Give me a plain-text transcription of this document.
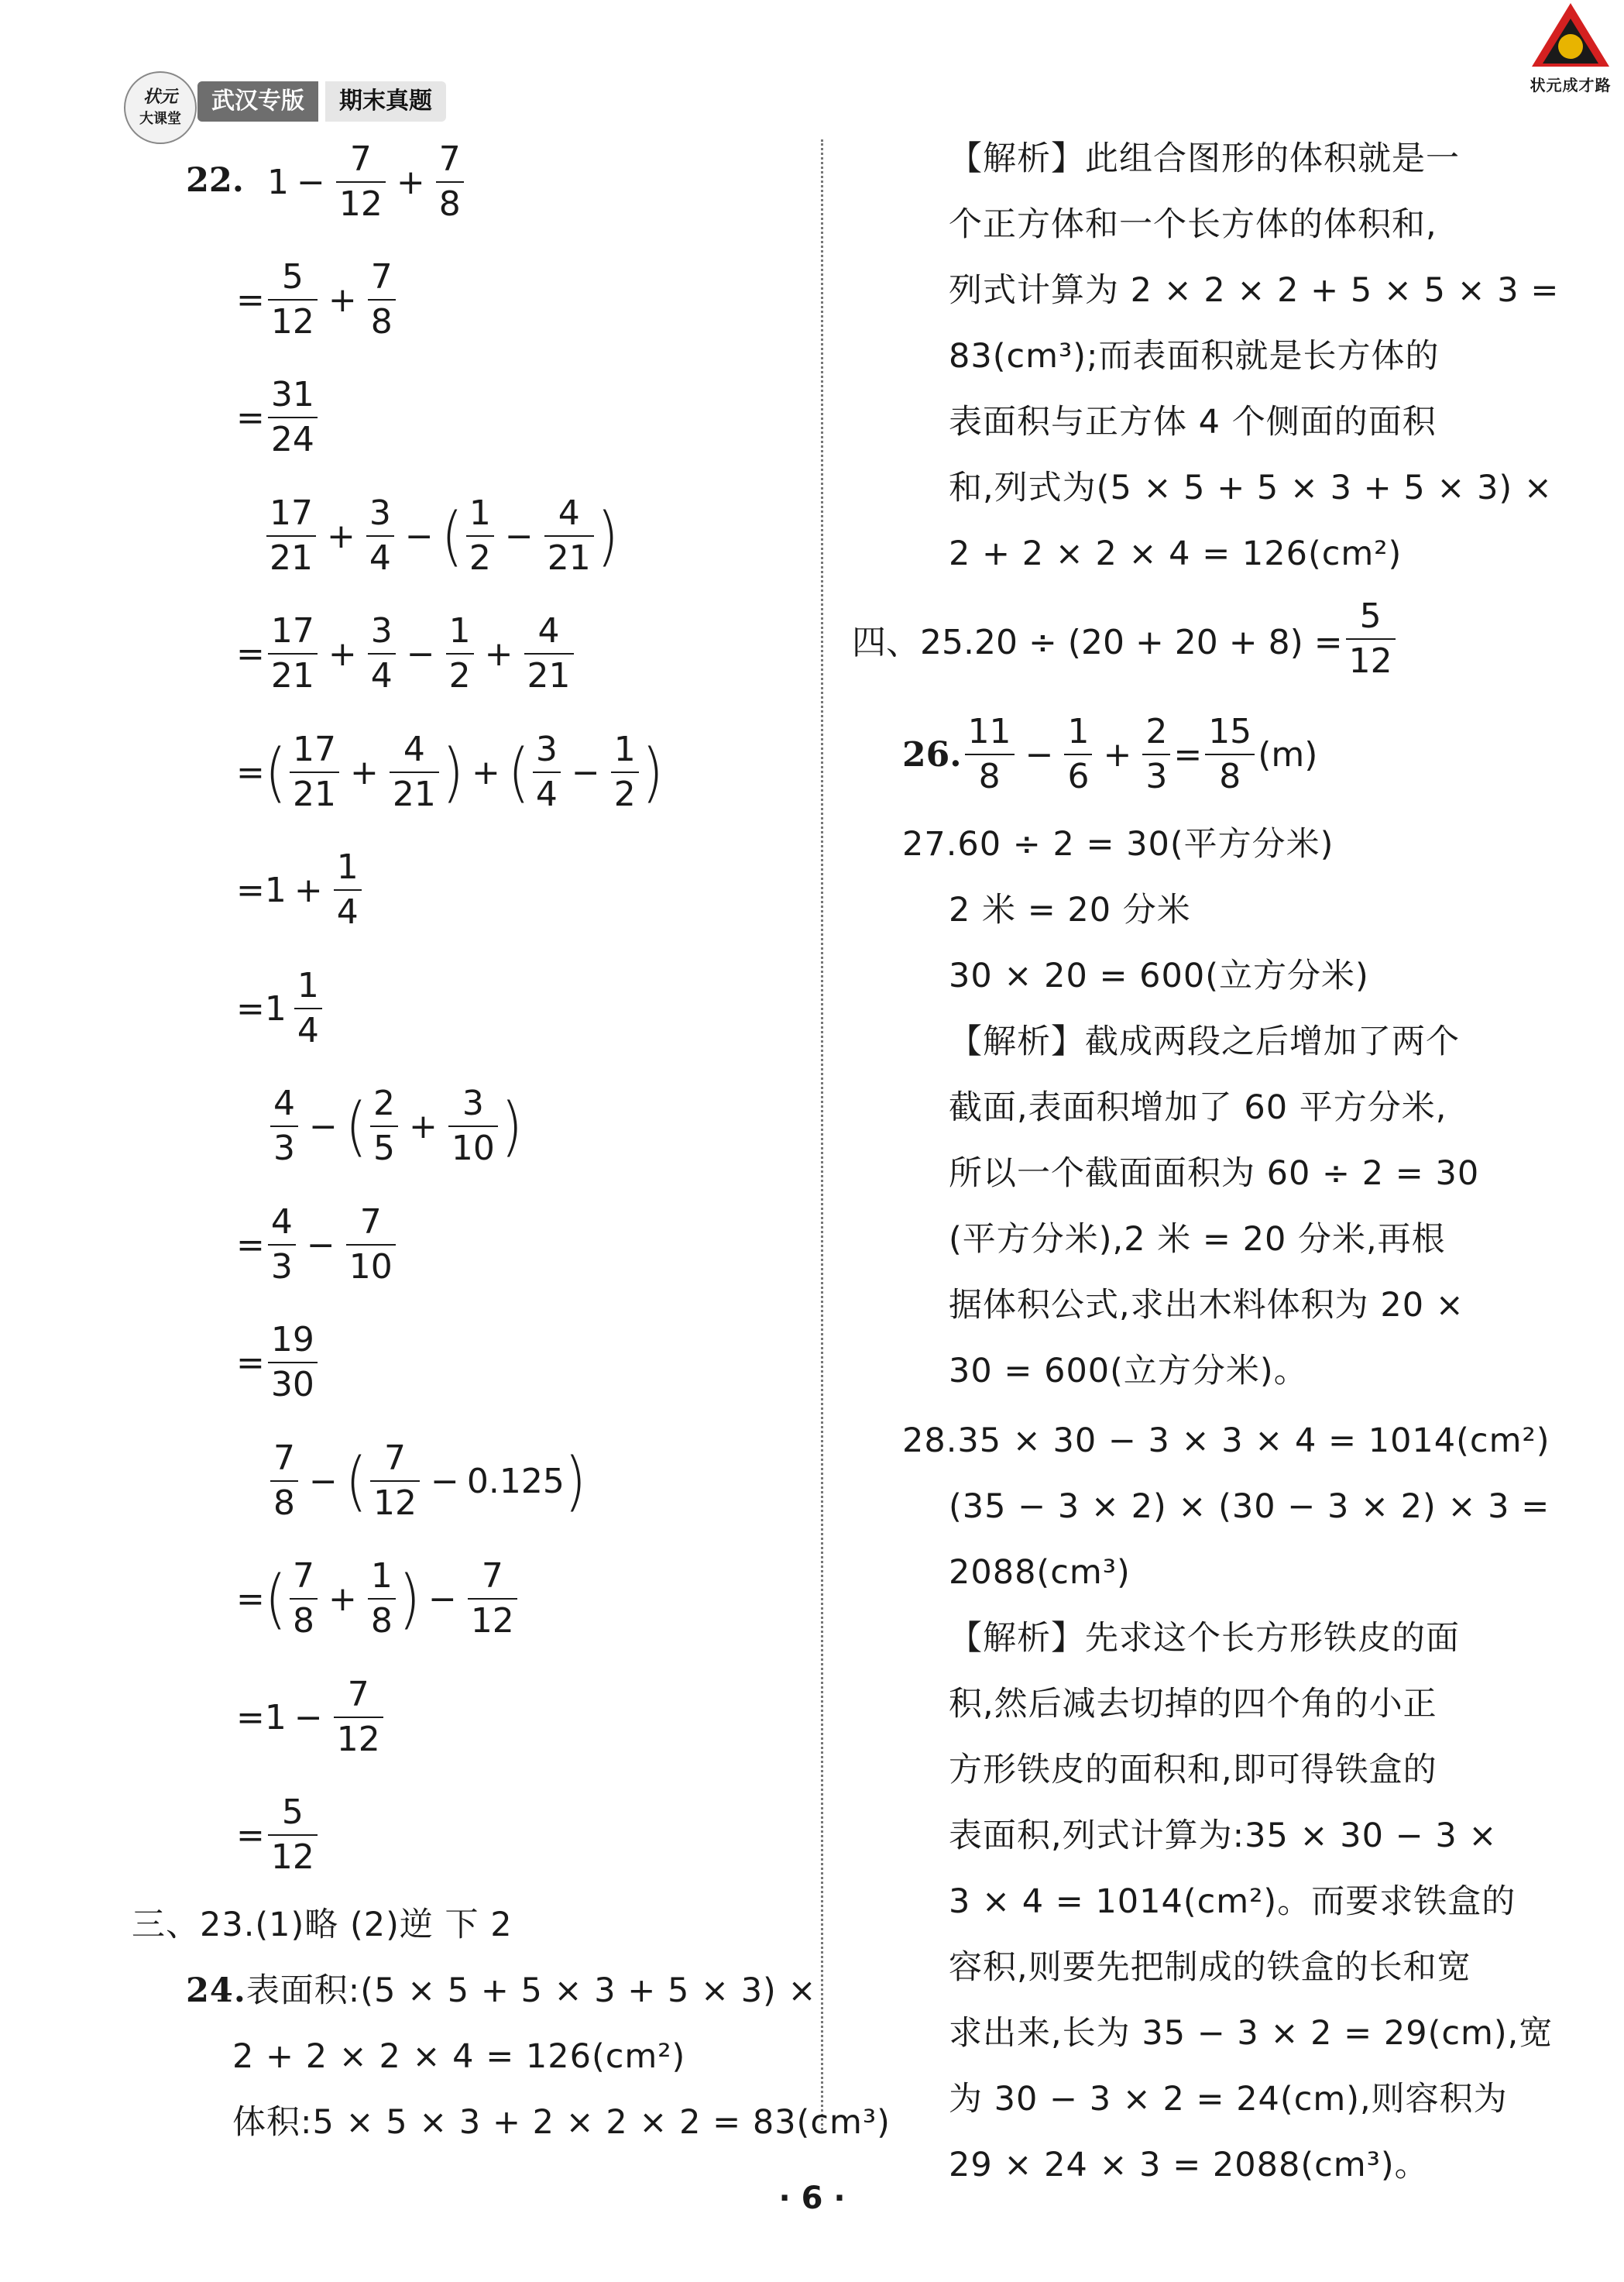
状元
大课堂
武汉专版	期末真题
状元成才路
22. 1 −
7
12
+
7
8
=
5
12
+
7
8
=
31
24
17
21
+
3
4
− ( 1
2
−
4
21 )
=
17
21
+
3
4
−
1
2
+
4
21
= ( 17
21
+
4
21 ) + ( 3
4
−
1
2 )
= 1 +
1
4
= 1
1
4
4
3
− ( 2
5
+
3
10 )
=
4
3
−
7
10
=
19
30
7
8
− ( 7
12
− 0.125 )
= ( 7
8
+
1
8 ) −
7
12
= 1 −
7
12
=
5
12
三、23.(1)略 (2)逆 下 2
24.表面积:(5 × 5 + 5 × 3 + 5 × 3) ×
2 + 2 × 2 × 4 = 126(cm²)
体积:5 × 5 × 3 + 2 × 2 × 2 = 83(cm³)
【解析】此组合图形的体积就是一
个正方体和一个长方体的体积和,
列式计算为 2 × 2 × 2 + 5 × 5 × 3 =
83(cm³);而表面积就是长方体的
表面积与正方体 4 个侧面的面积
和,列式为(5 × 5 + 5 × 3 + 5 × 3) ×
2 + 2 × 2 × 4 = 126(cm²)
四、25.20 ÷ (20 + 20 + 8) =
5
12
26.
11
8
−
1
6
+
2
3
=
15
8
(m)
27.60 ÷ 2 = 30(平方分米)
2 米 = 20 分米
30 × 20 = 600(立方分米)
【解析】截成两段之后增加了两个
截面,表面积增加了 60 平方分米,
所以一个截面面积为 60 ÷ 2 = 30
(平方分米),2 米 = 20 分米,再根
据体积公式,求出木料体积为 20 ×
30 = 600(立方分米)。
28.35 × 30 − 3 × 3 × 4 = 1014(cm²)
(35 − 3 × 2) × (30 − 3 × 2) × 3 =
2088(cm³)
【解析】先求这个长方形铁皮的面
积,然后减去切掉的四个角的小正
方形铁皮的面积和,即可得铁盒的
表面积,列式计算为:35 × 30 − 3 ×
3 × 4 = 1014(cm²)。而要求铁盒的
容积,则要先把制成的铁盒的长和宽
求出来,长为 35 − 3 × 2 = 29(cm),宽
为 30 − 3 × 2 = 24(cm),则容积为
29 × 24 × 3 = 2088(cm³)。
· 6 ·
